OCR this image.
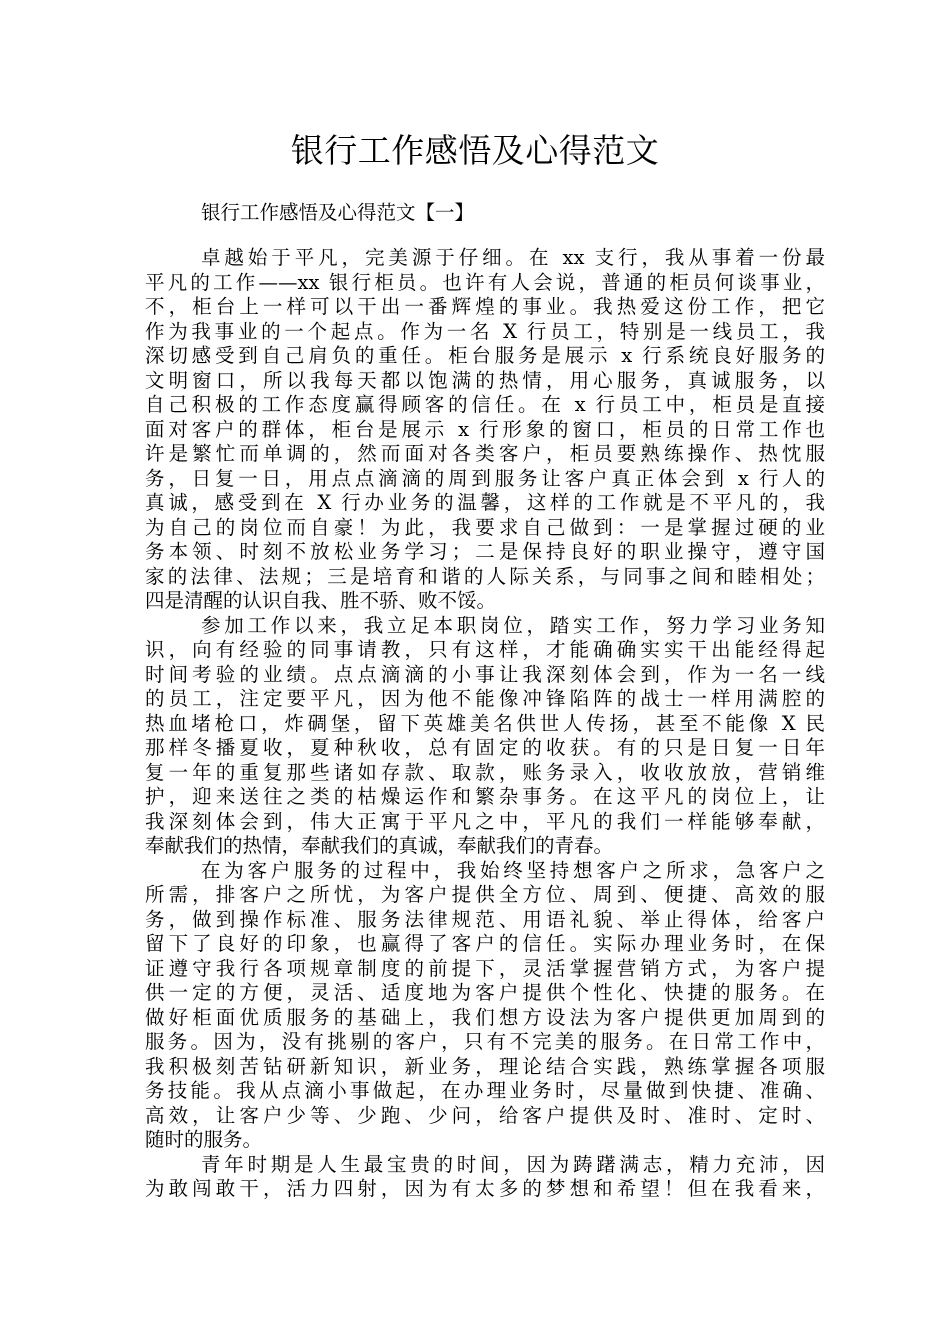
银行工作感悟及心得范文
银行工作感悟及心得范文【一】

卓越始于平凡，完美源于仔细。在 xx 支行，我从事着一份最
平凡的工作——xx 银行柜员。也许有人会说，普通的柜员何谈事业，
不，柜台上一样可以干出一番辉煌的事业。我热爱这份工作，把它
作为我事业的一个起点。作为一名 X 行员工，特别是一线员工，我
深切感受到自己肩负的重任。柜台服务是展示 x 行系统良好服务的
文明窗口，所以我每天都以饱满的热情，用心服务，真诚服务，以
自己积极的工作态度赢得顾客的信任。在 x 行员工中，柜员是直接
面对客户的群体，柜台是展示 x 行形象的窗口，柜员的日常工作也
许是繁忙而单调的，然而面对各类客户，柜员要熟练操作、热忱服
务，日复一日，用点点滴滴的周到服务让客户真正体会到 x 行人的
真诚，感受到在 X 行办业务的温馨，这样的工作就是不平凡的，我
为自己的岗位而自豪！为此，我要求自己做到：一是掌握过硬的业
务本领、时刻不放松业务学习；二是保持良好的职业操守，遵守国
家的法律、法规；三是培育和谐的人际关系，与同事之间和睦相处；
四是清醒的认识自我、胜不骄、败不馁。

参加工作以来，我立足本职岗位，踏实工作，努力学习业务知
识，向有经验的同事请教，只有这样，才能确确实实干出能经得起
时间考验的业绩。点点滴滴的小事让我深刻体会到，作为一名一线
的员工，注定要平凡，因为他不能像冲锋陷阵的战士一样用满腔的
热血堵枪口，炸碉堡，留下英雄美名供世人传扬，甚至不能像 X 民
那样冬播夏收，夏种秋收，总有固定的收获。有的只是日复一日年
复一年的重复那些诸如存款、取款，账务录入，收收放放，营销维
护，迎来送往之类的枯燥运作和繁杂事务。在这平凡的岗位上，让
我深刻体会到，伟大正寓于平凡之中，平凡的我们一样能够奉献，
奉献我们的热情，奉献我们的真诚，奉献我们的青春。

在为客户服务的过程中，我始终坚持想客户之所求，急客户之
所需，排客户之所忧，为客户提供全方位、周到、便捷、高效的服
务，做到操作标准、服务法律规范、用语礼貌、举止得体，给客户
留下了良好的印象，也赢得了客户的信任。实际办理业务时，在保
证遵守我行各项规章制度的前提下，灵活掌握营销方式，为客户提
供一定的方便，灵活、适度地为客户提供个性化、快捷的服务。在
做好柜面优质服务的基础上，我们想方设法为客户提供更加周到的
服务。因为，没有挑剔的客户，只有不完美的服务。在日常工作中，
我积极刻苦钻研新知识，新业务，理论结合实践，熟练掌握各项服
务技能。我从点滴小事做起，在办理业务时，尽量做到快捷、准确、
高效，让客户少等、少跑、少问，给客户提供及时、准时、定时、
随时的服务。

青年时期是人生最宝贵的时间，因为踌躇满志，精力充沛，因
为敢闯敢干，活力四射，因为有太多的梦想和希望！但在我看来，
